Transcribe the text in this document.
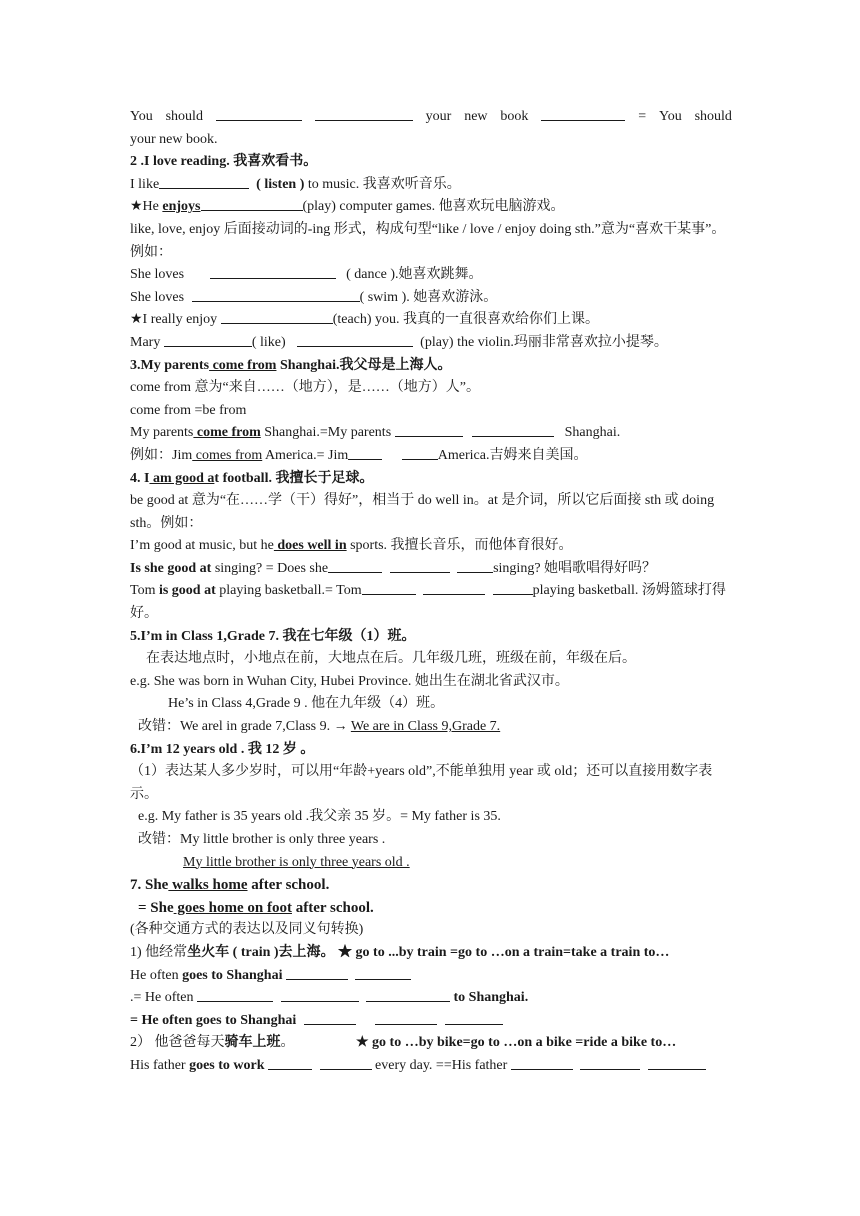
You should	your new book	= You should
your new book.
2 .I love reading. 我喜欢看书。
I like	( listen ) to music. 我喜欢听音乐。
★He enjoys	(play) computer games. 他喜欢玩电脑游戏。
like, love, enjoy 后面接动词的-ing 形式，构成句型“like / love / enjoy doing sth.”意为“喜欢干某事”。例如：
She loves	( dance ).她喜欢跳舞。
She loves	( swim ). 她喜欢游泳。
★I really enjoy	(teach) you. 我真的一直很喜欢给你们上课。
Mary	( like)	(play) the violin.玛丽非常喜欢拉小提琴。
3.My parents come from Shanghai.我父母是上海人。
come from 意为“来自……（地方），是……（地方）人”。
come from =be from
My parents come from Shanghai.=My parents	Shanghai.
例如：Jim comes from America.= Jim	America.吉姆来自美国。
4. I am good at football. 我擅长于足球。
be good at 意为“在……学（干）得好”，相当于 do well in。at 是介词，所以它后面接 sth 或 doing sth。例如：
I’m good at music, but he does well in sports. 我擅长音乐，而他体育很好。
Is she good at singing? = Does she	singing? 她唱歌唱得好吗？
Tom is good at playing basketball.= Tom	playing basketball. 汤姆篮球打得好。
5.I’m in Class 1,Grade 7. 我在七年级（1）班。
在表达地点时，小地点在前，大地点在后。几年级几班，班级在前，年级在后。
e.g. She was born in Wuhan City, Hubei Province. 她出生在湖北省武汉市。
He’s in Class 4,Grade 9 . 他在九年级（4）班。
改错：We arel in grade 7,Class 9. → We are in Class 9,Grade 7.
6.I’m 12 years old . 我 12 岁 。
（1）表达某人多少岁时，可以用“年龄+years old”,不能单独用 year 或 old；还可以直接用数字表示。
e.g. My father is 35 years old .我父亲 35 岁。= My father is 35.
改错：My little brother is only three years .
My little brother is only three years old .
7. She walks home after school.
= She goes home on foot after school.
(各种交通方式的表达以及同义句转换)
1) 他经常坐火车 ( train )去上海。 ★ go to ...by train =go to …on a train=take a train to…
He often goes to Shanghai
.= He often	to Shanghai.
= He often goes to Shanghai
2） 他爸爸每天骑车上班。	★ go to …by bike=go to …on a bike =ride a bike to…
His father goes to work	every day. ==His father
